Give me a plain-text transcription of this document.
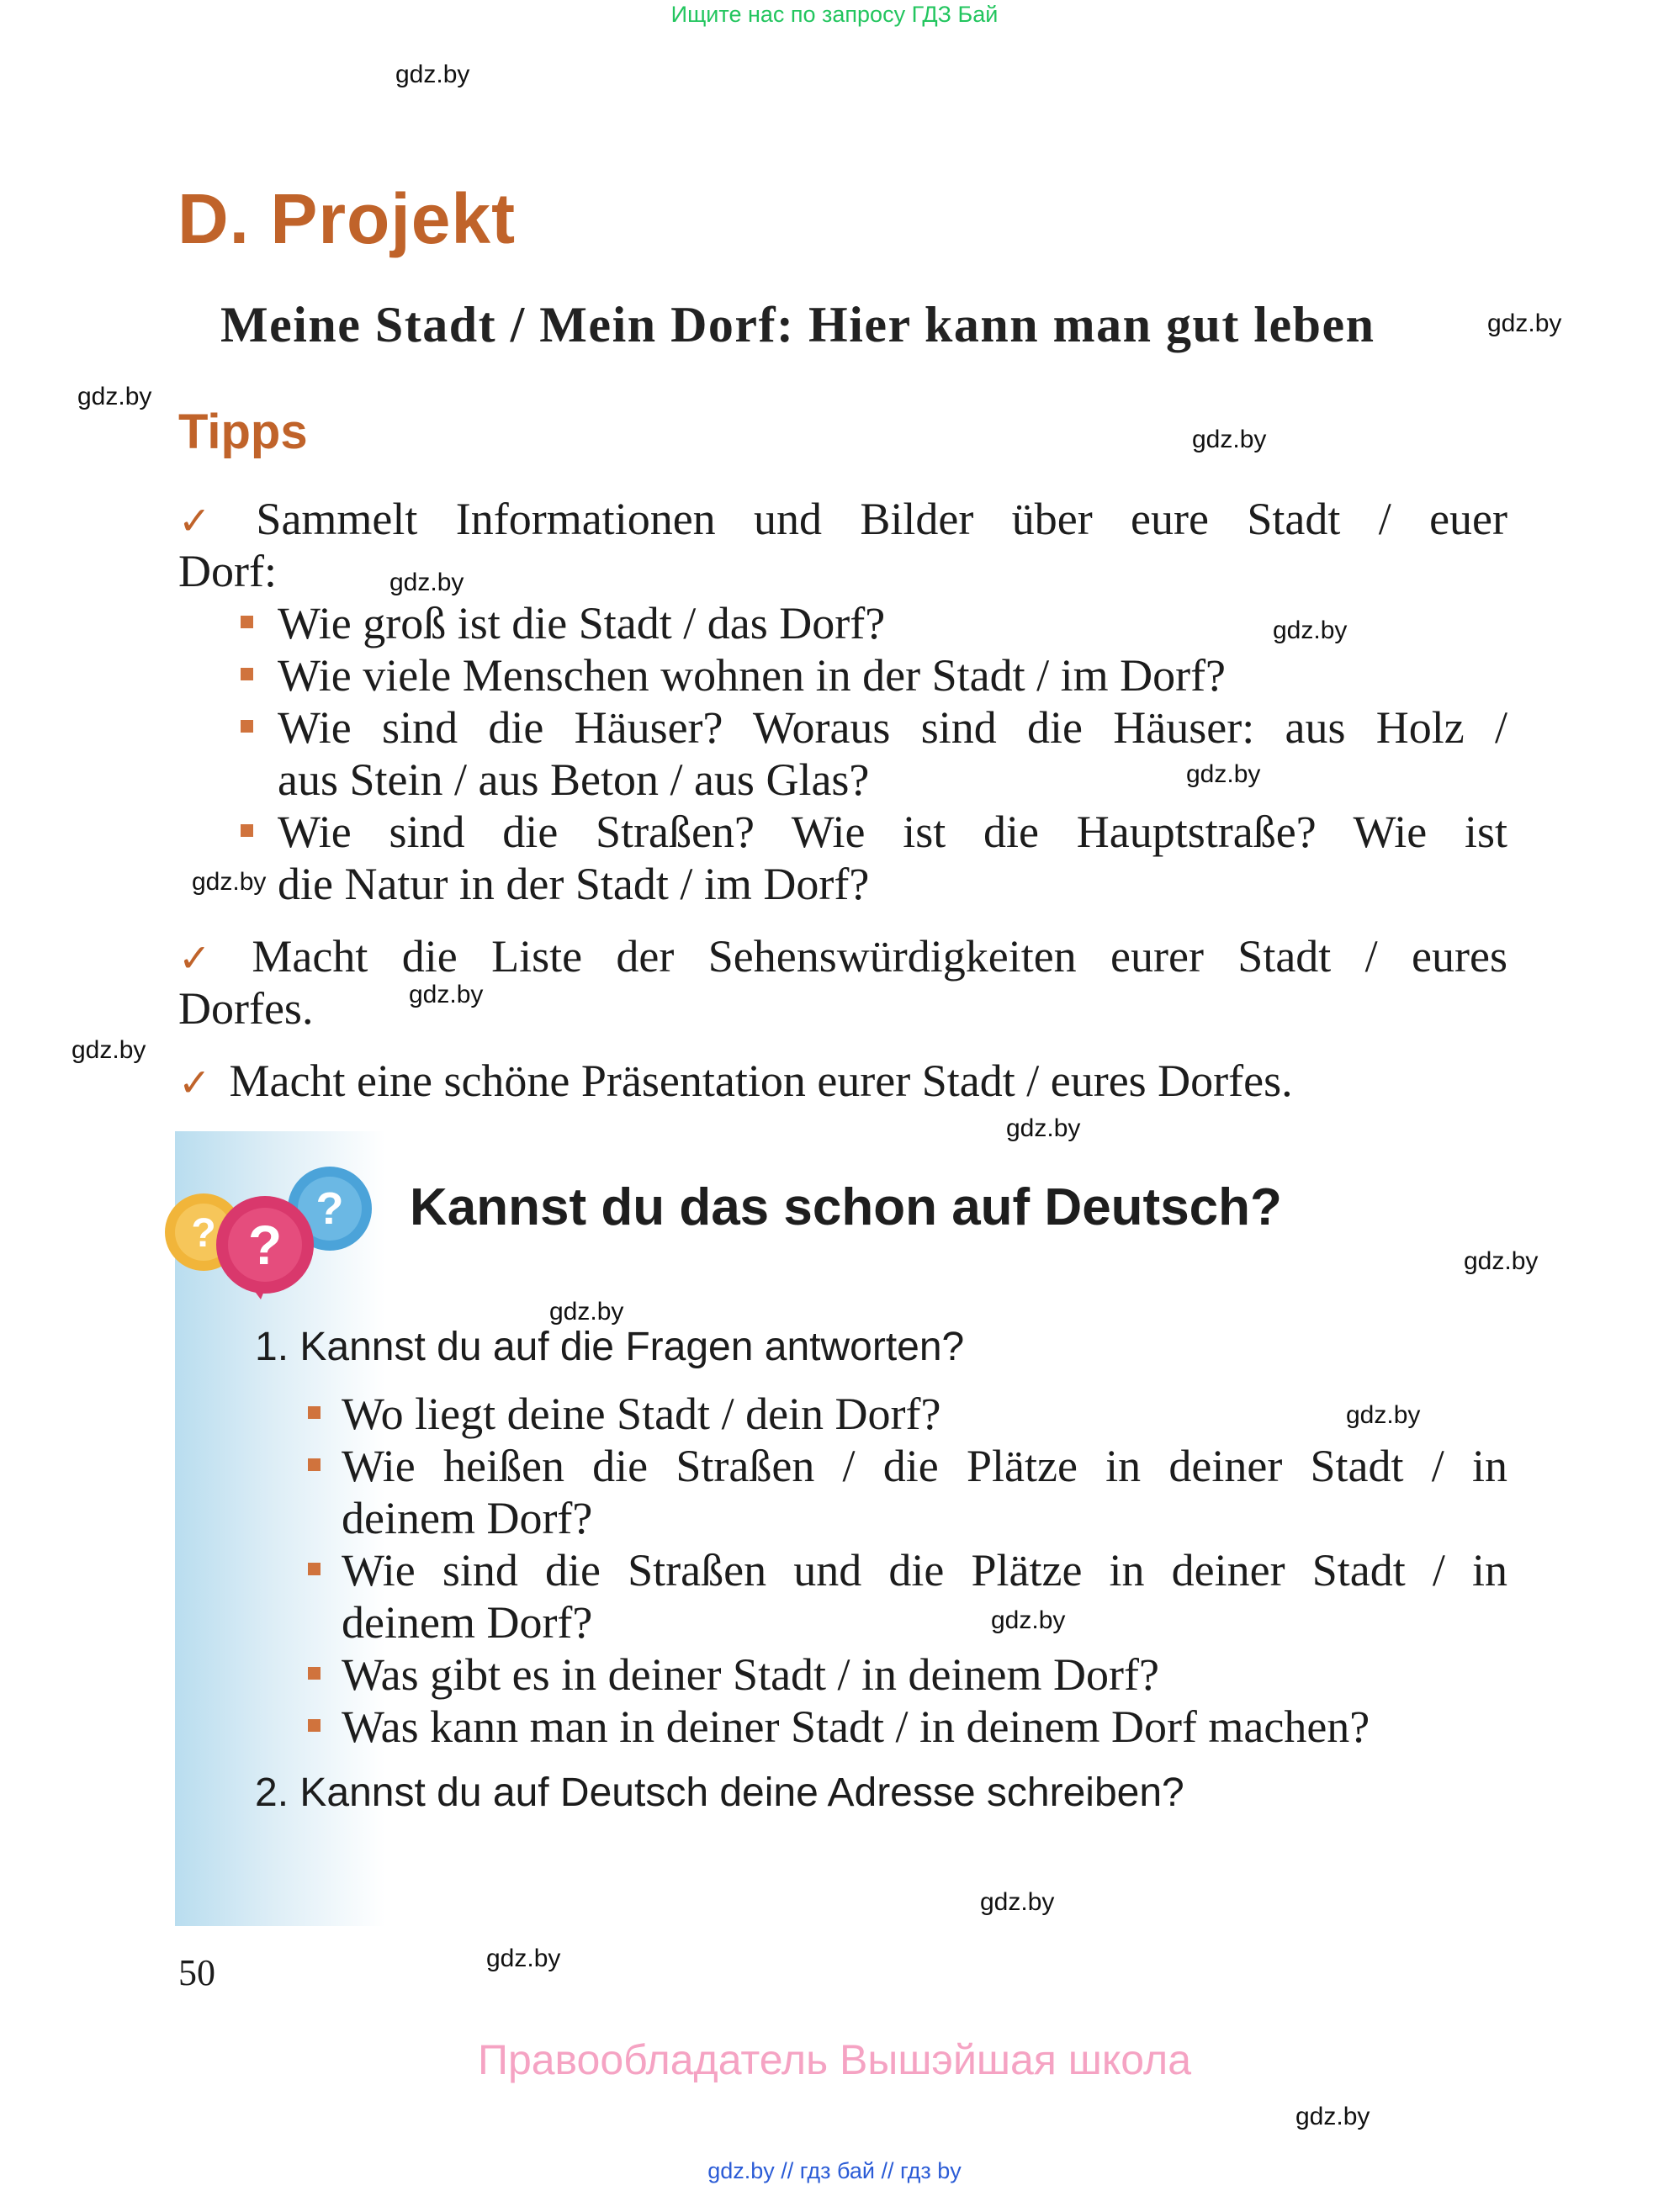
Ищите нас по запросу ГДЗ Бай
gdz.by
gdz.by
gdz.by
gdz.by
gdz.by
gdz.by
gdz.by
gdz.by
gdz.by
gdz.by
gdz.by
gdz.by
gdz.by
gdz.by
gdz.by
gdz.by
gdz.by
gdz.by
D. Projekt
Meine Stadt / Mein Dorf: Hier kann man gut leben
Tipps
✓ Sammelt Informationen und Bilder über eure Stadt / euer
Dorf:
Wie groß ist die Stadt / das Dorf?
Wie viele Menschen wohnen in der Stadt / im Dorf?
Wie sind die Häuser? Woraus sind die Häuser: aus Holz /
aus Stein / aus Beton / aus Glas?
Wie sind die Straßen? Wie ist die Hauptstraße? Wie ist
die Natur in der Stadt / im Dorf?
✓ Macht die Liste der Sehenswürdigkeiten eurer Stadt / eures
Dorfes.
✓ Macht eine schöne Präsentation eurer Stadt / eures Dorfes.
?
? ?
Kannst du das schon auf Deutsch?
1. Kannst du auf die Fragen antworten?
Wo liegt deine Stadt / dein Dorf?
Wie heißen die Straßen / die Plätze in deiner Stadt / in
deinem Dorf?
Wie sind die Straßen und die Plätze in deiner Stadt / in
deinem Dorf?
Was gibt es in deiner Stadt / in deinem Dorf?
Was kann man in deiner Stadt / in deinem Dorf machen?
2. Kannst du auf Deutsch deine Adresse schreiben?
50
Правообладатель Вышэйшая школа
gdz.by // гдз бай // гдз by
